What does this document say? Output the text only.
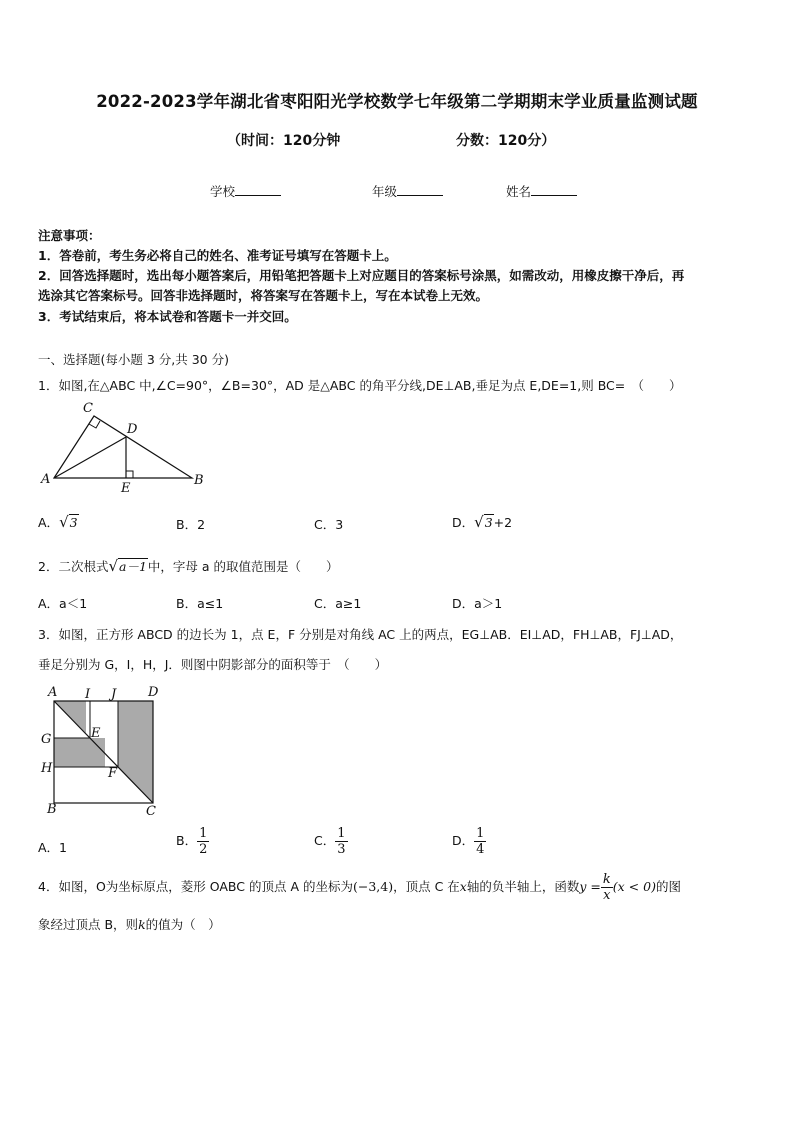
2022-2023学年湖北省枣阳阳光学校数学七年级第二学期期末学业质量监测试题
（时间：120分钟	分数：120分）
学校	年级	姓名
注意事项：
1．答卷前，考生务必将自己的姓名、准考证号填写在答题卡上。
2．回答选择题时，选出每小题答案后，用铅笔把答题卡上对应题目的答案标号涂黑，如需改动，用橡皮擦干净后，再
选涂其它答案标号。回答非选择题时，将答案写在答题卡上，写在本试卷上无效。
3．考试结束后，将本试卷和答题卡一并交回。
一、选择题(每小题 3 分,共 30 分)
1．如图,在△ABC 中,∠C=90°，∠B=30°，AD 是△ABC 的角平分线,DE⊥AB,垂足为点 E,DE=1,则 BC=　（　　）
C
D
A	B
E
A．√3	B．2	C．3	D．√3+2
2．二次根式√a－1中，字母 a 的取值范围是（　　）
A．a＜1	B．a≤1	C．a≥1	D．a＞1
3．如图，正方形 ABCD 的边长为 1，点 E，F 分别是对角线 AC 上的两点，EG⊥AB．EI⊥AD，FH⊥AB，FJ⊥AD，
垂足分别为 G，I，H，J．则图中阴影部分的面积等于　（　　）
A I J D
G	E
H	F
B	C
A．1	B． $\frac{1}{2}$	C． $\frac{1}{3}$	D． $\frac{1}{4}$
4．如图，O为坐标原点，菱形 OABC 的顶点 A 的坐标为(−3,4)，顶点 C 在x轴的负半轴上，函数$y = \frac{k}{x} (x < 0)$的图
象经过顶点 B，则k的值为（　）
